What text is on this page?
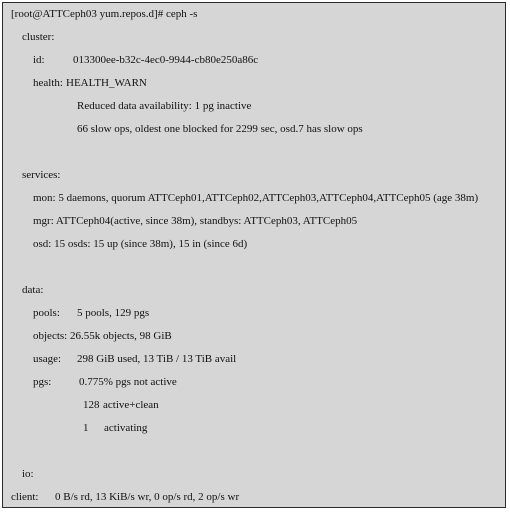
[root@ATTCeph03 yum.repos.d]# ceph -s
cluster:
id:	013300ee-b32c-4ec0-9944-cb80e250a86c
health: HEALTH_WARN
Reduced data availability: 1 pg inactive
66 slow ops, oldest one blocked for 2299 sec, osd.7 has slow ops
services:
mon: 5 daemons, quorum ATTCeph01,ATTCeph02,ATTCeph03,ATTCeph04,ATTCeph05 (age 38m)
mgr: ATTCeph04(active, since 38m), standbys: ATTCeph03, ATTCeph05
osd: 15 osds: 15 up (since 38m), 15 in (since 6d)
data:
pools: 5 pools, 129 pgs
objects: 26.55k objects, 98 GiB
usage: 298 GiB used, 13 TiB / 13 TiB avail
pgs:	0.775% pgs not active
128 active+clean
1 activating
io:
client: 0 B/s rd, 13 KiB/s wr, 0 op/s rd, 2 op/s wr
